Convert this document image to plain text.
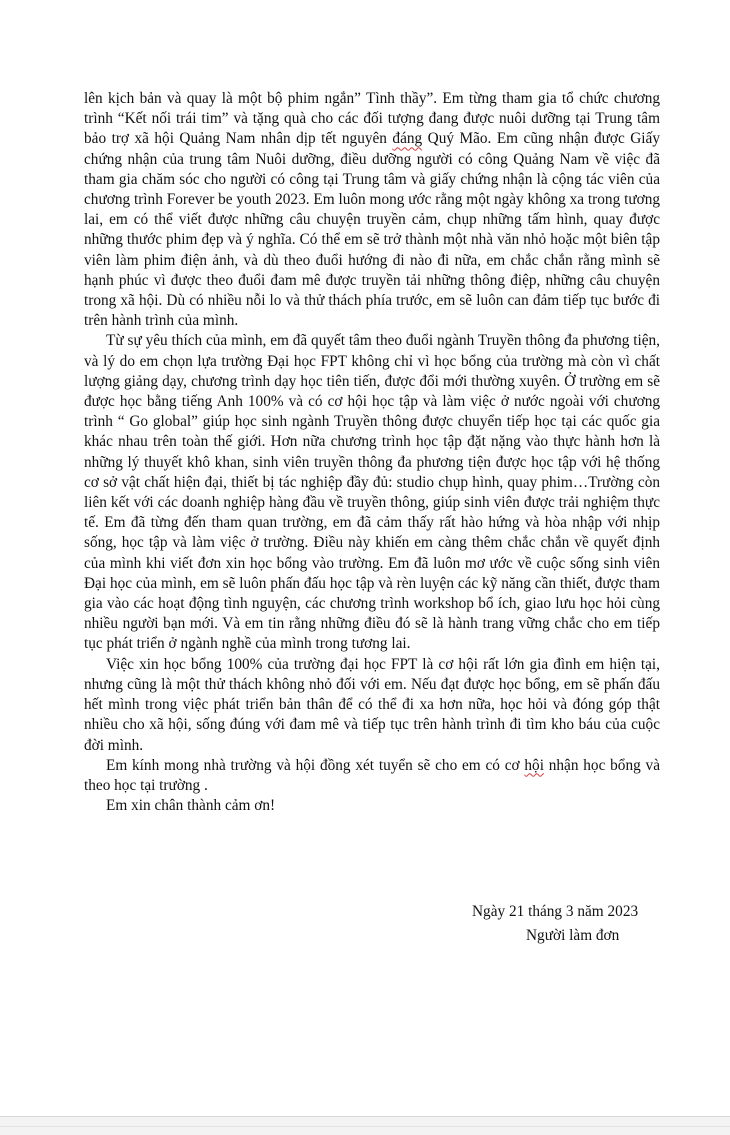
lên kịch bản và quay là một bộ phim ngắn” Tình thầy”. Em từng tham gia tổ chức chương trình “Kết nối trái tim” và tặng quà cho các đối tượng đang được nuôi dưỡng tại Trung tâm bảo trợ xã hội Quảng Nam nhân dịp tết nguyên đáng Quý Mão. Em cũng nhận được Giấy chứng nhận của trung tâm Nuôi dưỡng, điều dưỡng người có công Quảng Nam về việc đã tham gia chăm sóc cho người có công tại Trung tâm và giấy chứng nhận là cộng tác viên của chương trình Forever be youth 2023. Em luôn mong ước rằng một ngày không xa trong tương lai, em có thể viết được những câu chuyện truyền cảm, chụp những tấm hình, quay được những thước phim đẹp và ý nghĩa. Có thể em sẽ trở thành một nhà văn nhỏ hoặc một biên tập viên làm phim điện ảnh, và dù theo đuổi hướng đi nào đi nữa, em chắc chắn rằng mình sẽ hạnh phúc vì được theo đuổi đam mê được truyền tải những thông điệp, những câu chuyện trong xã hội. Dù có nhiều nỗi lo và thử thách phía trước, em sẽ luôn can đảm tiếp tục bước đi trên hành trình của mình.

Từ sự yêu thích của mình, em đã quyết tâm theo đuổi ngành Truyền thông đa phương tiện, và lý do em chọn lựa trường Đại học FPT không chỉ vì học bổng của trường mà còn vì chất lượng giảng dạy, chương trình dạy học tiên tiến, được đổi mới thường xuyên. Ở trường em sẽ được học bằng tiếng Anh 100% và có cơ hội học tập và làm việc ở nước ngoài với chương trình “ Go global” giúp học sinh ngành Truyền thông được chuyển tiếp học tại các quốc gia khác nhau trên toàn thế giới. Hơn nữa chương trình học tập đặt nặng vào thực hành hơn là những lý thuyết khô khan, sinh viên truyền thông đa phương tiện được học tập với hệ thống cơ sở vật chất hiện đại, thiết bị tác nghiệp đầy đủ: studio chụp hình, quay phim…Trường còn liên kết với các doanh nghiệp hàng đầu về truyền thông, giúp sinh viên được trải nghiệm thực tế. Em đã từng đến tham quan trường, em đã cảm thấy rất hào hứng và hòa nhập với nhịp sống, học tập và làm việc ở trường. Điều này khiến em càng thêm chắc chắn về quyết định của mình khi viết đơn xin học bổng vào trường. Em đã luôn mơ ước về cuộc sống sinh viên Đại học của mình, em sẽ luôn phấn đấu học tập và rèn luyện các kỹ năng cần thiết, được tham gia vào các hoạt động tình nguyện, các chương trình workshop bổ ích, giao lưu học hỏi cùng nhiều người bạn mới. Và em tin rằng những điều đó sẽ là hành trang vững chắc cho em tiếp tục phát triển ở ngành nghề của mình trong tương lai.

Việc xin học bổng 100% của trường đại học FPT là cơ hội rất lớn gia đình em hiện tại, nhưng cũng là một thử thách không nhỏ đối với em. Nếu đạt được học bổng, em sẽ phấn đấu hết mình trong việc phát triển bản thân để có thể đi xa hơn nữa, học hỏi và đóng góp thật nhiều cho xã hội, sống đúng với đam mê và tiếp tục trên hành trình đi tìm kho báu của cuộc đời mình.

Em kính mong nhà trường và hội đồng xét tuyển sẽ cho em có cơ hội nhận học bổng và theo học tại trường .

Em xin chân thành cảm ơn!

Ngày 21 tháng 3 năm 2023
Người làm đơn
